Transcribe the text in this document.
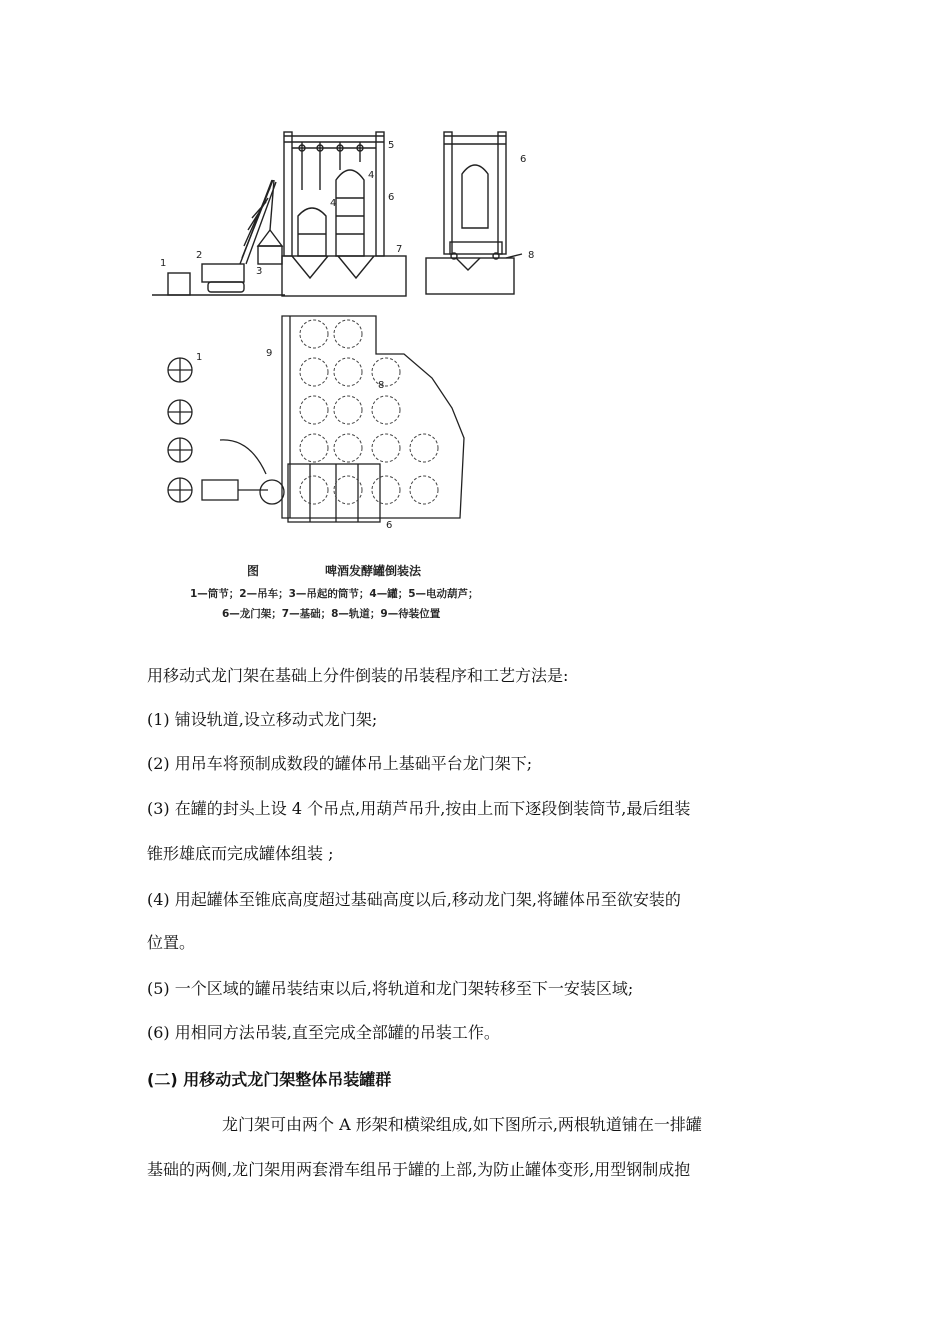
1
2
3
4
4
5
6
7
6
8
1	9
8
6
图	啤酒发酵罐倒装法
1—筒节；2—吊车；3—吊起的筒节；4—罐；5—电动葫芦；
6—龙门架；7—基础；8—轨道；9—待装位置
用移动式龙门架在基础上分件倒装的吊装程序和工艺方法是:
(1) 铺设轨道,设立移动式龙门架;
(2) 用吊车将预制成数段的罐体吊上基础平台龙门架下;
(3) 在罐的封头上设 4 个吊点,用葫芦吊升,按由上而下逐段倒装筒节,最后组装
锥形雄底而完成罐体组装 ;
(4) 用起罐体至锥底高度超过基础高度以后,移动龙门架,将罐体吊至欲安装的
位置。
(5) 一个区域的罐吊装结束以后,将轨道和龙门架转移至下一安装区域;
(6) 用相同方法吊装,直至完成全部罐的吊装工作。
(二) 用移动式龙门架整体吊装罐群
龙门架可由两个 A 形架和横梁组成,如下图所示,两根轨道铺在一排罐
基础的两侧,龙门架用两套滑车组吊于罐的上部,为防止罐体变形,用型钢制成抱
